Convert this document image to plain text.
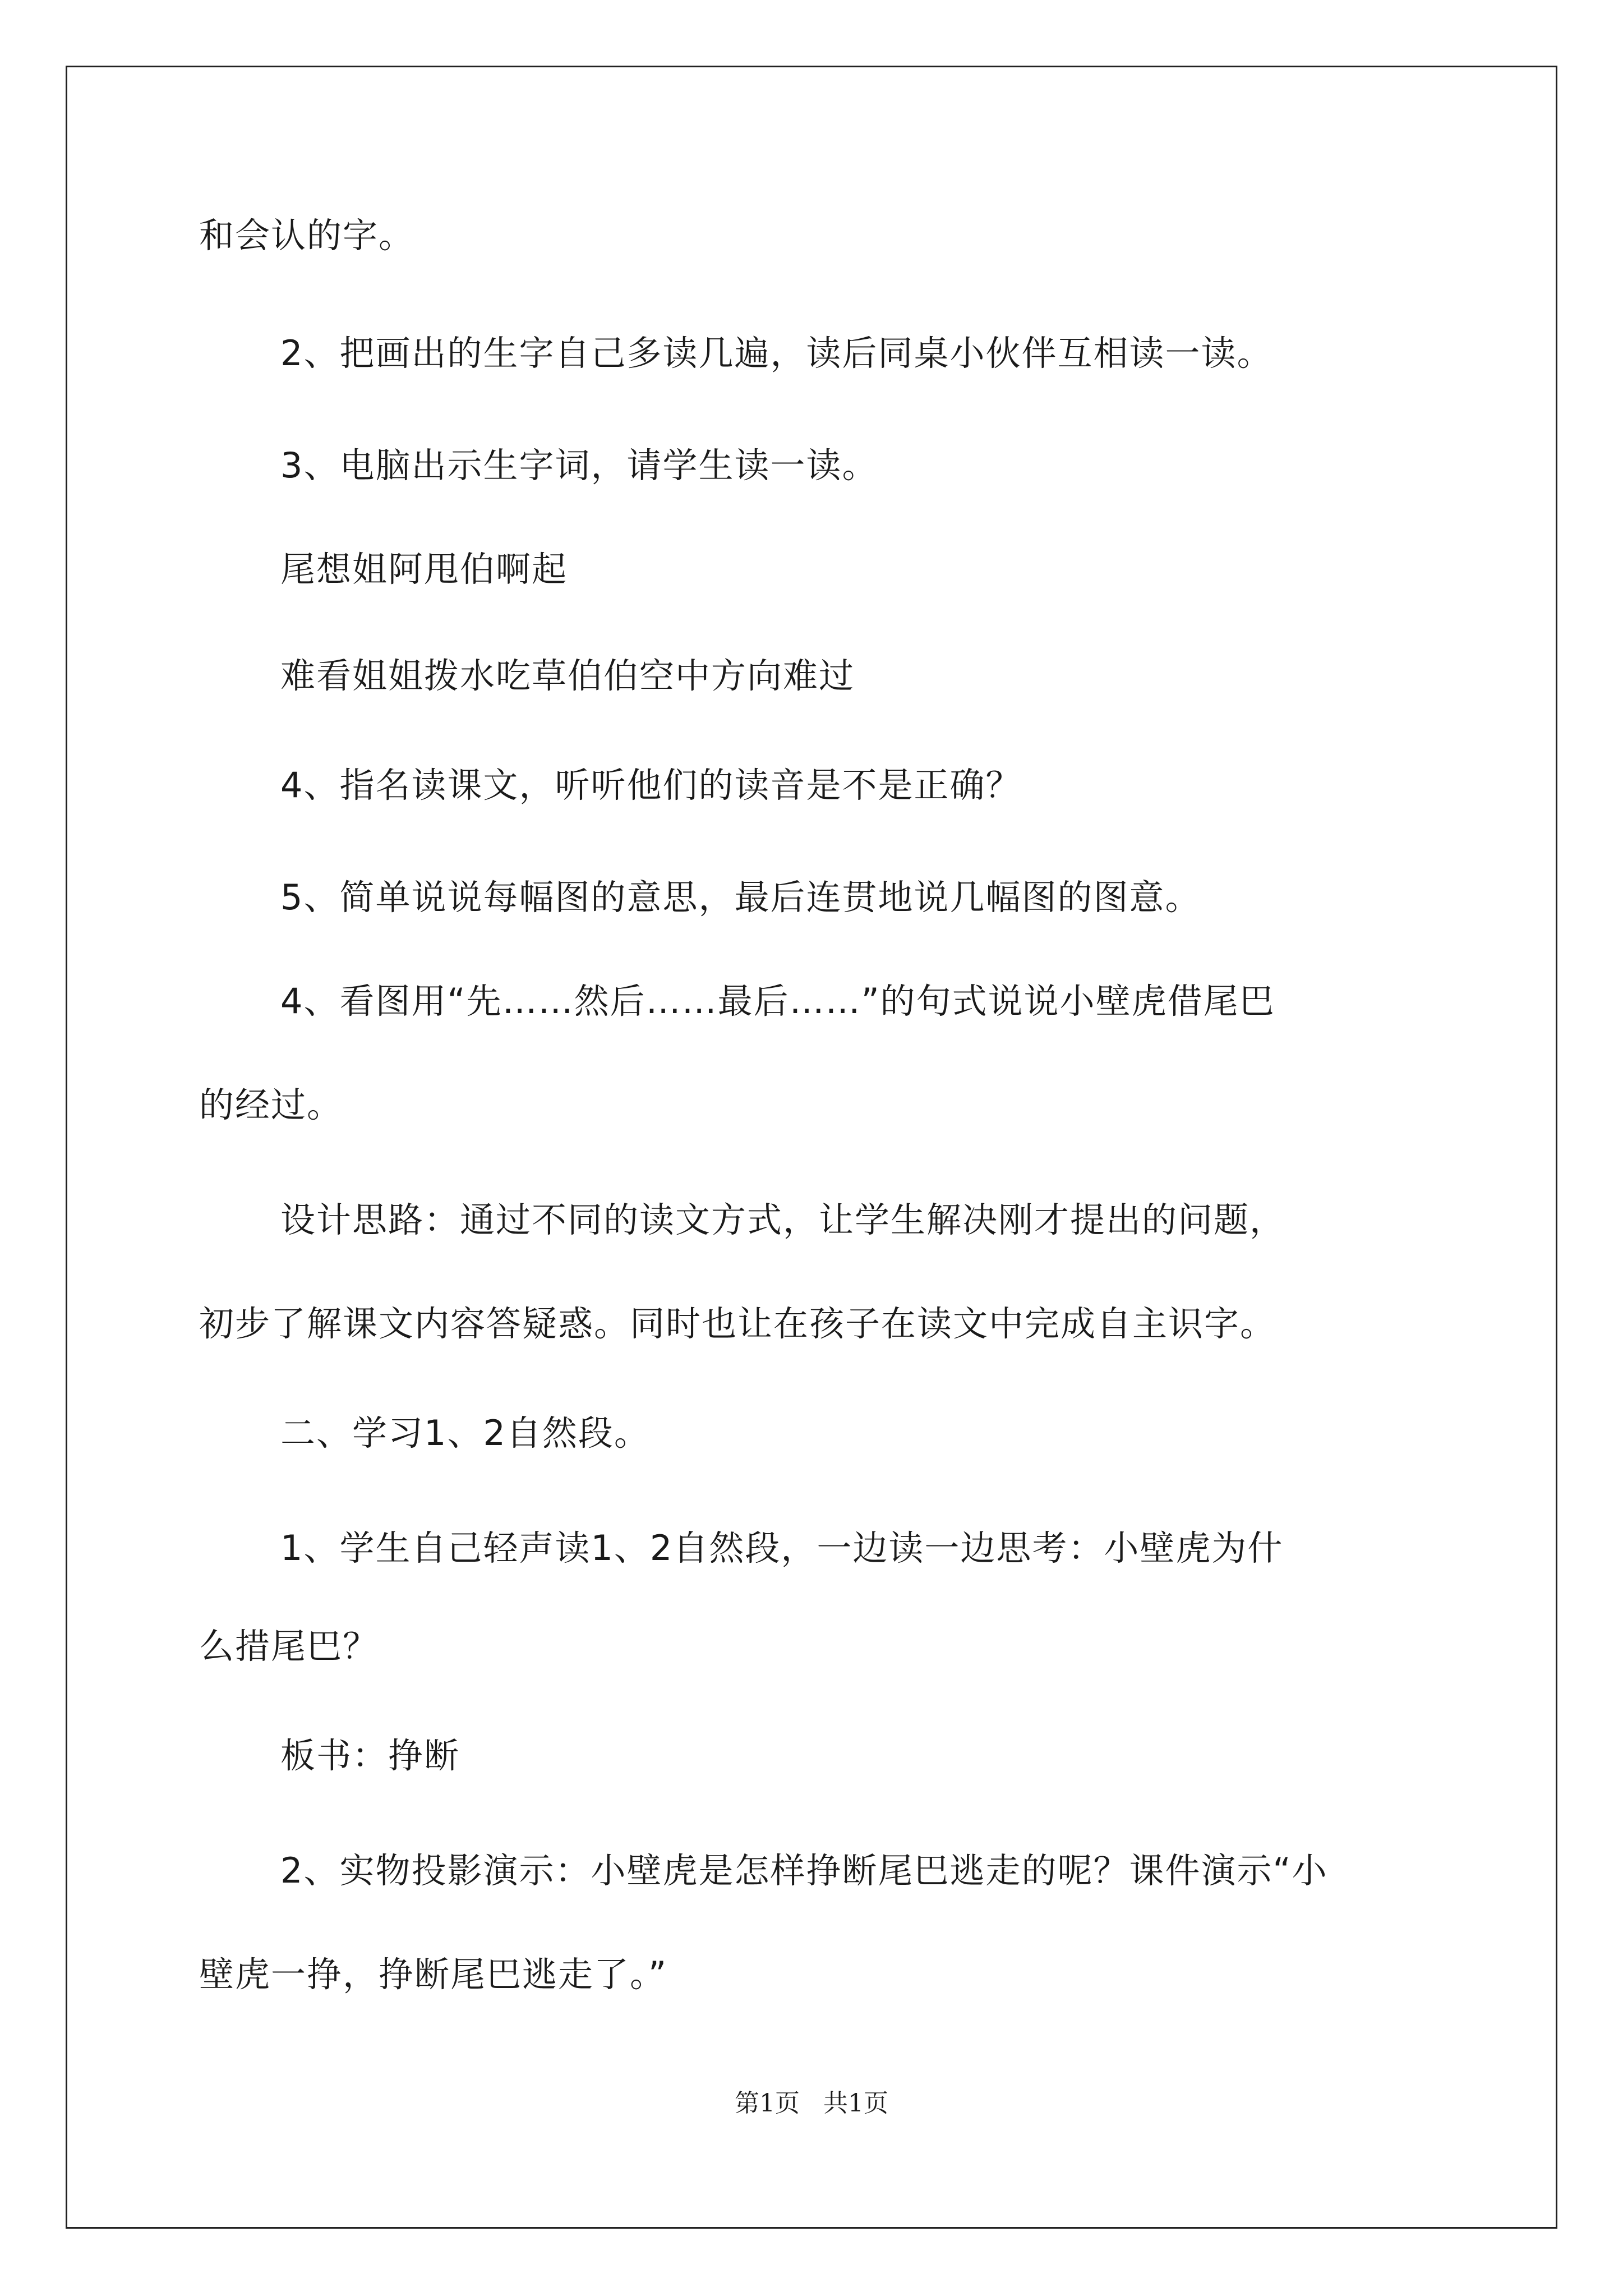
和会认的字。
2、把画出的生字自己多读几遍，读后同桌小伙伴互相读一读。
3、电脑出示生字词，请学生读一读。
尾想姐阿甩伯啊起
难看姐姐拨水吃草伯伯空中方向难过
4、指名读课文，听听他们的读音是不是正确？
5、简单说说每幅图的意思，最后连贯地说几幅图的图意。
4、看图用“先……然后……最后……”的句式说说小壁虎借尾巴
的经过。
设计思路：通过不同的读文方式，让学生解决刚才提出的问题，
初步了解课文内容答疑惑。同时也让在孩子在读文中完成自主识字。
二、学习1、2自然段。
1、学生自己轻声读1、2自然段，一边读一边思考：小壁虎为什
么措尾巴？
板书：挣断
2、实物投影演示：小壁虎是怎样挣断尾巴逃走的呢？课件演示“小
壁虎一挣，挣断尾巴逃走了。”
第1页   共1页
